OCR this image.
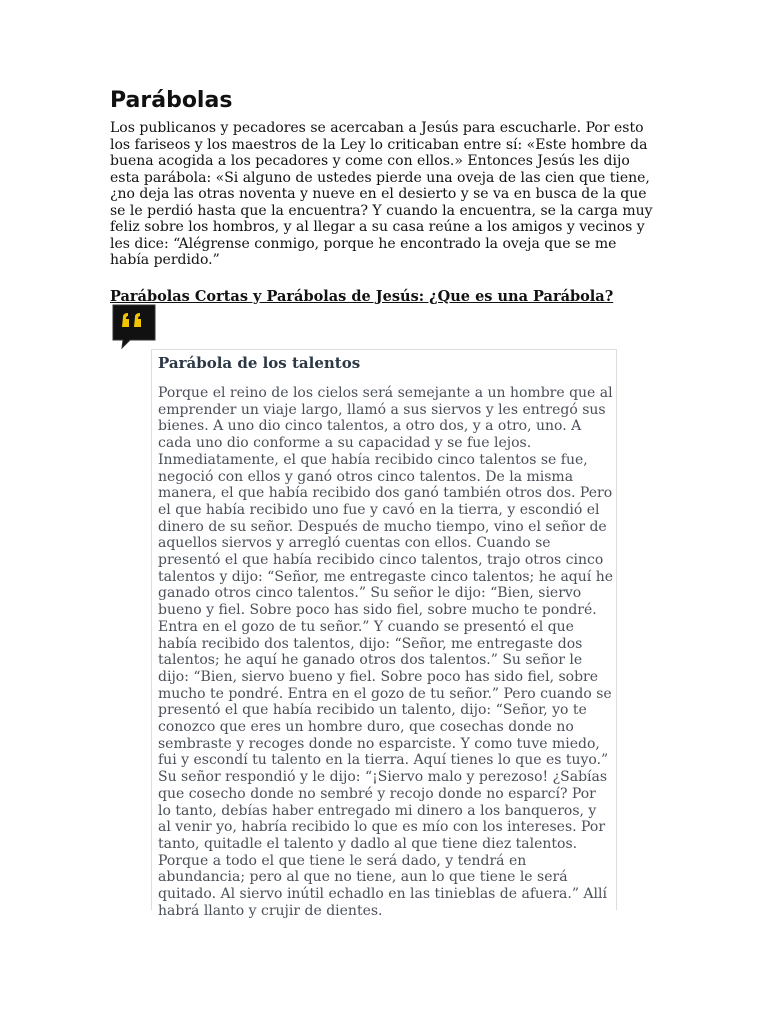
Parábolas

Los publicanos y pecadores se acercaban a Jesús para escucharle. Por esto los fariseos y los maestros de la Ley lo criticaban entre sí: «Este hombre da buena acogida a los pecadores y come con ellos.» Entonces Jesús les dijo esta parábola: «Si alguno de ustedes pierde una oveja de las cien que tiene, ¿no deja las otras noventa y nueve en el desierto y se va en busca de la que se le perdió hasta que la encuentra? Y cuando la encuentra, se la carga muy feliz sobre los hombros, y al llegar a su casa reúne a los amigos y vecinos y les dice: “Alégrense conmigo, porque he encontrado la oveja que se me había perdido.”

Parábolas Cortas y Parábolas de Jesús: ¿Que es una Parábola?
Parábola de los talentos
Porque el reino de los cielos será semejante a un hombre que al emprender un viaje largo, llamó a sus siervos y les entregó sus bienes. A uno dio cinco talentos, a otro dos, y a otro, uno. A cada uno dio conforme a su capacidad y se fue lejos. Inmediatamente, el que había recibido cinco talentos se fue, negoció con ellos y ganó otros cinco talentos. De la misma manera, el que había recibido dos ganó también otros dos. Pero el que había recibido uno fue y cavó en la tierra, y escondió el dinero de su señor. Después de mucho tiempo, vino el señor de aquellos siervos y arregló cuentas con ellos. Cuando se presentó el que había recibido cinco talentos, trajo otros cinco talentos y dijo: “Señor, me entregaste cinco talentos; he aquí he ganado otros cinco talentos.” Su señor le dijo: “Bien, siervo bueno y fiel. Sobre poco has sido fiel, sobre mucho te pondré. Entra en el gozo de tu señor.” Y cuando se presentó el que había recibido dos talentos, dijo: “Señor, me entregaste dos talentos; he aquí he ganado otros dos talentos.” Su señor le dijo: “Bien, siervo bueno y fiel. Sobre poco has sido fiel, sobre mucho te pondré. Entra en el gozo de tu señor.” Pero cuando se presentó el que había recibido un talento, dijo: “Señor, yo te conozco que eres un hombre duro, que cosechas donde no sembraste y recoges donde no esparciste. Y como tuve miedo, fui y escondí tu talento en la tierra. Aquí tienes lo que es tuyo.” Su señor respondió y le dijo: “¡Siervo malo y perezoso! ¿Sabías que cosecho donde no sembré y recojo donde no esparcí? Por lo tanto, debías haber entregado mi dinero a los banqueros, y al venir yo, habría recibido lo que es mío con los intereses. Por tanto, quitadle el talento y dadlo al que tiene diez talentos. Porque a todo el que tiene le será dado, y tendrá en abundancia; pero al que no tiene, aun lo que tiene le será quitado. Al siervo inútil echadlo en las tinieblas de afuera.” Allí habrá llanto y crujir de dientes.
